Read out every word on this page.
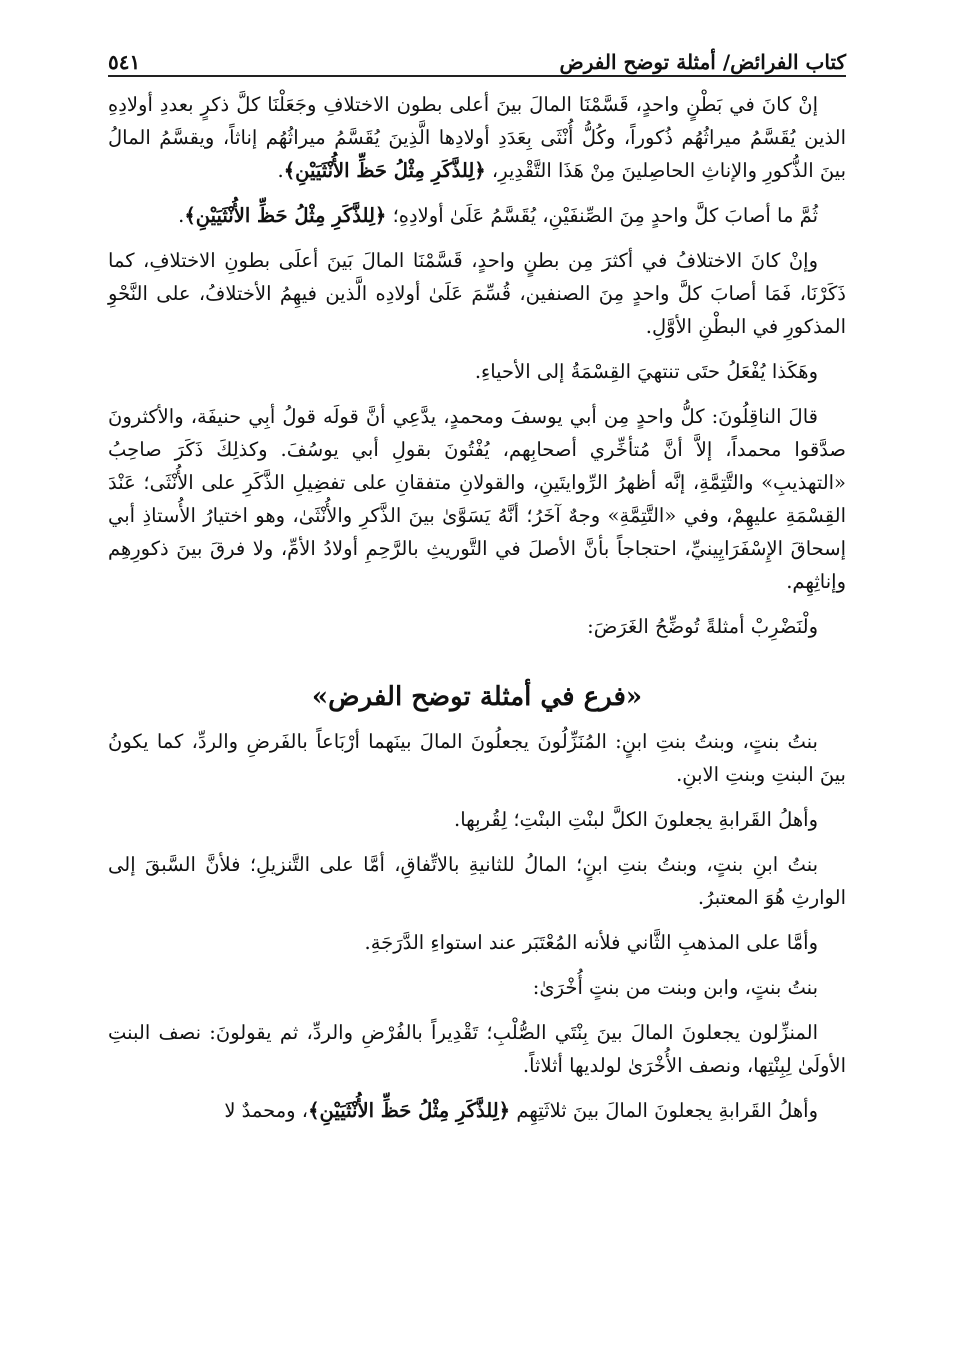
كتاب الفرائض/ أمثلة توضح الفرض
٥٤١

إنْ كانَ في بَطْنٍ واحدٍ، قَسَّمْنَا المالَ بينَ أعلى بطون الاختلافِ وجَعَلْنَا كلَّ ذكرٍ بعددِ أولادِهِ الذين يُقَسَّمُ ميراثُهُم ذُكوراً، وكُلُّ أُنْثَى بِعَدَدِ أولادِها الَّذِينَ يُقَسَّمُ ميراثُهُم إناثاً، ويقسَّمُ المالُ بينَ الذُّكورِ والإناثِ الحاصِلينَ مِنْ هَذَا التَّقْدِيرِ، ﴿لِلذَّكَرِ مِثْلُ حَظِّ الأُنْثَيَيْنِ﴾.

ثُمَّ ما أصابَ كلَّ واحدٍ مِنَ الصِّنفَيْنِ، يُقَسَّمُ عَلَىٰ أولادِهِ؛ ﴿لِلذَّكَرِ مِثْلُ حَظِّ الأُنْثَيَيْنِ﴾.

وإنْ كانَ الاختلافُ في أكثرَ مِن بطنٍ واحدٍ، قَسَّمْنَا المالَ بَينَ أعلَى بطونِ الاختلافِ، كما ذَكَرْنَا، فَمَا أصابَ كلَّ واحدٍ مِنَ الصنفين، قُسِّمَ عَلَىٰ أولادِه الَّذين فيهِمُ الأختلافُ، على النَّحْوِ المذكورِ في البطْنِ الأوَّلِ.

وهَكَذا يُفْعَلُ حتَى تنتهيَ القِسْمَةُ إلى الأحياءِ.

قالَ الناقِلُونَ: كلُّ واحدٍ مِن أبي يوسفَ ومحمدٍ، يدَّعِي أنَّ قولَه قولُ أبِي حنيفَة، والأكثرونَ صدَّقوا محمداً، إلاَّ أنَّ مُتأخِّري أصحابِهم، يُفْتُونَ بقولِ أبي يوسُفَ. وكذلِكَ ذَكَرَ صاحِبُ «التهذيبِ» والتَّتِمَّةِ، إنَّه أظهرُ الرِّوايتَينِ، والقولانِ متفقانِ على تفضِيلِ الذَّكَرِ على الأُنْثَى؛ عَنْدَ القِسْمَةِ عليهِمْ، وفي «التَّتِمَّةِ» وجهٌ آخَرُ؛ أنَّهُ يَسَوَّىٰ بينَ الذَّكرِ والأُنْثَىٰ، وهو اختيارُ الأُستاذِ أبي إسحاقَ الإِسْفَرَايِينيِّ، احتجاجاً بأنَّ الأصلَ في التَّوريثِ بالرَّحِمِ أولادُ الأمِّ، ولا فرقَ بينَ ذكورِهِم وإناثِهِم.

ولْنَضْرِبْ أمثلةً تُوضِّحُ الغَرَضَ:

«فرع في أمثلة توضح الفرض»

بنتُ بنتٍ، وبنتُ بنتِ ابنٍ: المُنَزِّلُونَ يجعلُونَ المالَ بينَهما أرْبَاعاً بالفَرضِ والردِّ، كما يكونُ بينَ البنتِ وبنتِ الابنِ.

وأهلُ القَرابةِ يجعلونَ الكلَّ لبنْتِ البنْتِ؛ لِقُربِها.

بنتُ ابنِ بنتٍ، وبنتُ بنتِ ابنٍ؛ المالُ للثانيةِ بالاتِّفاقِ، أمَّا على التَّنزيلِ؛ فلأنَّ السَّبقَ إلى الوارثِ هُوَ المعتبرُ.

وأمَّا على المذهبِ الثَّاني فلأنه المُعْتَبَر عند استواءِ الدَّرَجَةِ.

بنتُ بنتٍ، وابن وبنت من بنتٍ أُخْرَىٰ:

المنزِّلون يجعلونَ المالَ بينَ بِنْتَي الصُّلْبِ؛ تَقْدِيراً بالفُرْضِ والردِّ، ثم يقولونَ: نصف البنتِ الأولَىٰ لِبِنْتِها، ونصف الأُخْرَىٰ لولديها أثلاثاً.

وأهلُ القَرابةِ يجعلونَ المالَ بينَ ثلاثَتِهِم ﴿لِلذَّكَرِ مِثْلُ حَظِّ الأُنْثَيَيْنِ﴾، ومحمدٌ لا
